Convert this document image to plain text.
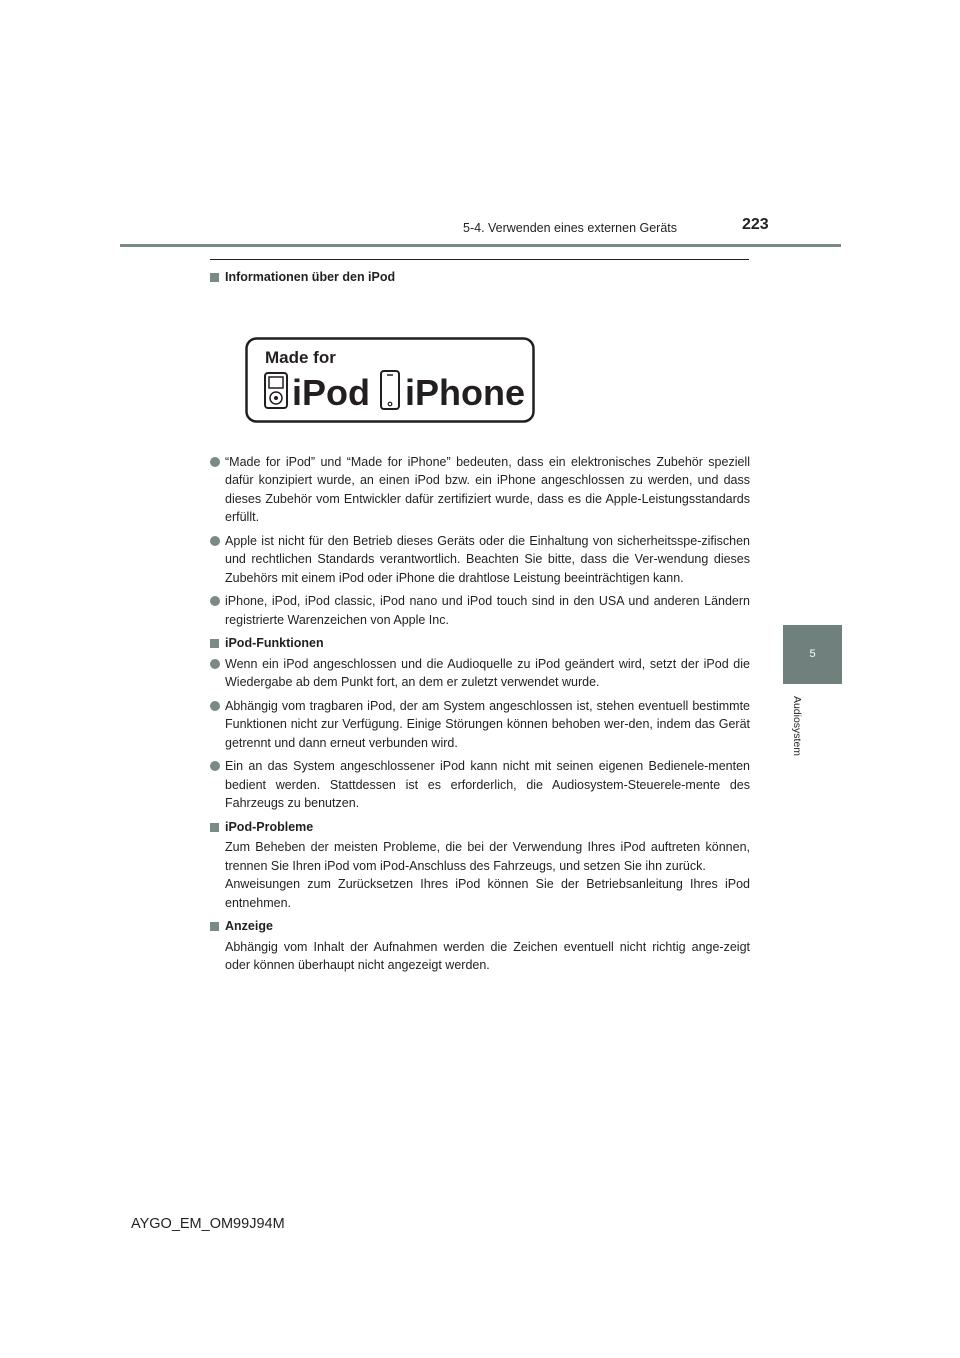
5-4. Verwenden eines externen Geräts	223
5
Audiosystem

Informationen über den iPod

Made for
iPod iPhone

“Made for iPod” und “Made for iPhone” bedeuten, dass ein elektronisches Zubehör speziell dafür konzipiert wurde, an einen iPod bzw. ein iPhone angeschlossen zu werden, und dass dieses Zubehör vom Entwickler dafür zertifiziert wurde, dass es die Apple-Leistungsstandards erfüllt.

Apple ist nicht für den Betrieb dieses Geräts oder die Einhaltung von sicherheitsspe-zifischen und rechtlichen Standards verantwortlich. Beachten Sie bitte, dass die Ver-wendung dieses Zubehörs mit einem iPod oder iPhone die drahtlose Leistung beeinträchtigen kann.

iPhone, iPod, iPod classic, iPod nano und iPod touch sind in den USA und anderen Ländern registrierte Warenzeichen von Apple Inc.

iPod-Funktionen

Wenn ein iPod angeschlossen und die Audioquelle zu iPod geändert wird, setzt der iPod die Wiedergabe ab dem Punkt fort, an dem er zuletzt verwendet wurde.

Abhängig vom tragbaren iPod, der am System angeschlossen ist, stehen eventuell bestimmte Funktionen nicht zur Verfügung. Einige Störungen können behoben wer-den, indem das Gerät getrennt und dann erneut verbunden wird.

Ein an das System angeschlossener iPod kann nicht mit seinen eigenen Bedienele-menten bedient werden. Stattdessen ist es erforderlich, die Audiosystem-Steuerele-mente des Fahrzeugs zu benutzen.

iPod-Probleme

Zum Beheben der meisten Probleme, die bei der Verwendung Ihres iPod auftreten können, trennen Sie Ihren iPod vom iPod-Anschluss des Fahrzeugs, und setzen Sie ihn zurück.

Anweisungen zum Zurücksetzen Ihres iPod können Sie der Betriebsanleitung Ihres iPod entnehmen.

Anzeige

Abhängig vom Inhalt der Aufnahmen werden die Zeichen eventuell nicht richtig ange-zeigt oder können überhaupt nicht angezeigt werden.

AYGO_EM_OM99J94M
